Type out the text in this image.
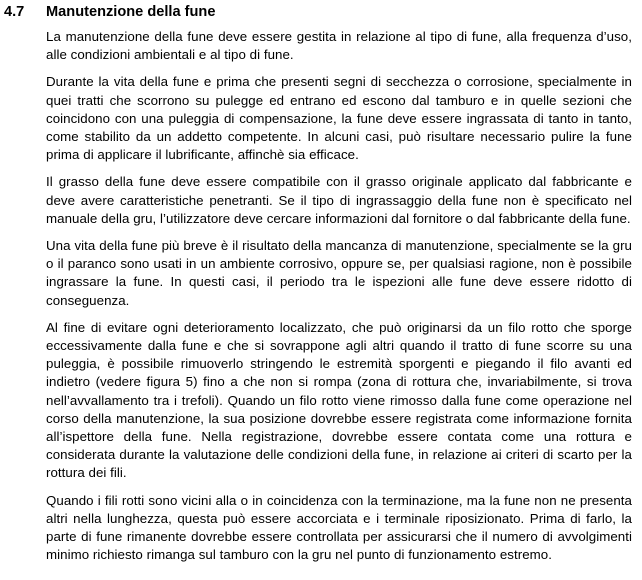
4.7 Manutenzione della fune

La manutenzione della fune deve essere gestita in relazione al tipo di fune, alla frequenza d’uso, alle condizioni ambientali e al tipo di fune.

Durante la vita della fune e prima che presenti segni di secchezza o corrosione, specialmente in quei tratti che scorrono su pulegge ed entrano ed escono dal tamburo e in quelle sezioni che coincidono con una puleggia di compensazione, la fune deve essere ingrassata di tanto in tanto, come stabilito da un addetto competente. In alcuni casi, può risultare necessario pulire la fune prima di applicare il lubrificante, affinchè sia efficace.

Il grasso della fune deve essere compatibile con il grasso originale applicato dal fabbricante e deve avere caratteristiche penetranti. Se il tipo di ingrassaggio della fune non è specificato nel manuale della gru, l’utilizzatore deve cercare informazioni dal fornitore o dal fabbricante della fune.

Una vita della fune più breve è il risultato della mancanza di manutenzione, specialmente se la gru o il paranco sono usati in un ambiente corrosivo, oppure se, per qualsiasi ragione, non è possibile ingrassare la fune. In questi casi, il periodo tra le ispezioni alle fune deve essere ridotto di conseguenza.

Al fine di evitare ogni deterioramento localizzato, che può originarsi da un filo rotto che sporge eccessivamente dalla fune e che si sovrappone agli altri quando il tratto di fune scorre su una puleggia, è possibile rimuoverlo stringendo le estremità sporgenti e piegando il filo avanti ed indietro (vedere figura 5) fino a che non si rompa (zona di rottura che, invariabilmente, si trova nell’avvallamento tra i trefoli). Quando un filo rotto viene rimosso dalla fune come operazione nel corso della manutenzione, la sua posizione dovrebbe essere registrata come informazione fornita all’ispettore della fune. Nella registrazione, dovrebbe essere contata come una rottura e considerata durante la valutazione delle condizioni della fune, in relazione ai criteri di scarto per la rottura dei fili.

Quando i fili rotti sono vicini alla o in coincidenza con la terminazione, ma la fune non ne presenta altri nella lunghezza, questa può essere accorciata e i terminale riposizionato. Prima di farlo, la parte di fune rimanente dovrebbe essere controllata per assicurarsi che il numero di avvolgimenti minimo richiesto rimanga sul tamburo con la gru nel punto di funzionamento estremo.
